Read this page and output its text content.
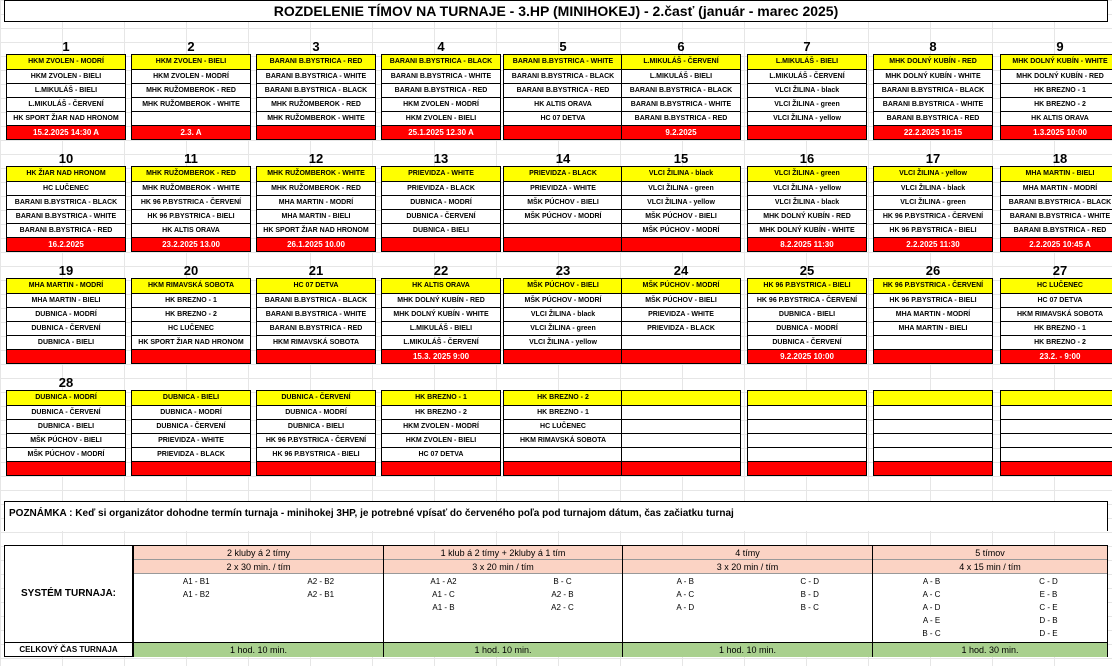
ROZDELENIE TÍMOV NA TURNAJE - 3.HP (MINIHOKEJ) - 2.časť (január - marec 2025)
1
HKM ZVOLEN - MODRÍ
HKM ZVOLEN - BIELI
L.MIKULÁŠ - BIELI
L.MIKULÁŠ - ČERVENÍ
HK SPORT ŽIAR NAD HRONOM
15.2.2025 14:30 A
2
HKM ZVOLEN - BIELI
HKM ZVOLEN - MODRÍ
MHK RUŽOMBEROK - RED
MHK RUŽOMBEROK - WHITE
2.3. A
3
BARANI B.BYSTRICA - RED
BARANI B.BYSTRICA - WHITE
BARANI B.BYSTRICA - BLACK
MHK RUŽOMBEROK - RED
MHK RUŽOMBEROK - WHITE
4
BARANI B.BYSTRICA - BLACK
BARANI B.BYSTRICA - WHITE
BARANI B.BYSTRICA - RED
HKM ZVOLEN - MODRÍ
HKM ZVOLEN - BIELI
25.1.2025 12.30 A
5
BARANI B.BYSTRICA - WHITE
BARANI B.BYSTRICA - BLACK
BARANI B.BYSTRICA - RED
HK ALTIS ORAVA
HC 07 DETVA
6
L.MIKULÁŠ - ČERVENÍ
L.MIKULÁŠ - BIELI
BARANI B.BYSTRICA - BLACK
BARANI B.BYSTRICA - WHITE
BARANI B.BYSTRICA - RED
9.2.2025
7
L.MIKULÁŠ - BIELI
L.MIKULÁŠ - ČERVENÍ
VLCI ŽILINA - black
VLCI ŽILINA - green
VLCI ŽILINA - yellow
8
MHK DOLNÝ KUBÍN - RED
MHK DOLNÝ KUBÍN - WHITE
BARANI B.BYSTRICA - BLACK
BARANI B.BYSTRICA - WHITE
BARANI B.BYSTRICA - RED
22.2.2025 10:15
9
MHK DOLNÝ KUBÍN - WHITE
MHK DOLNÝ KUBÍN - RED
HK BREZNO - 1
HK BREZNO - 2
HK ALTIS ORAVA
1.3.2025 10:00
10
HK ŽIAR NAD HRONOM
HC LUČENEC
BARANI B.BYSTRICA - BLACK
BARANI B.BYSTRICA - WHITE
BARANI B.BYSTRICA - RED
16.2.2025
11
MHK RUŽOMBEROK - RED
MHK RUŽOMBEROK - WHITE
HK 96 P.BYSTRICA - ČERVENÍ
HK 96 P.BYSTRICA - BIELI
HK ALTIS ORAVA
23.2.2025 13.00
12
MHK RUŽOMBEROK - WHITE
MHK RUŽOMBEROK - RED
MHA MARTIN - MODRÍ
MHA MARTIN - BIELI
HK SPORT ŽIAR NAD HRONOM
26.1.2025 10.00
13
PRIEVIDZA - WHITE
PRIEVIDZA - BLACK
DUBNICA - MODRÍ
DUBNICA - ČERVENÍ
DUBNICA - BIELI
14
PRIEVIDZA - BLACK
PRIEVIDZA - WHITE
MŠK PÚCHOV - BIELI
MŠK PÚCHOV - MODRÍ
15
VLCI ŽILINA - black
VLCI ŽILINA - green
VLCI ŽILINA - yellow
MŠK PÚCHOV - BIELI
MŠK PÚCHOV - MODRÍ
16
VLCI ŽILINA - green
VLCI ŽILINA - yellow
VLCI ŽILINA - black
MHK DOLNÝ KUBÍN - RED
MHK DOLNÝ KUBÍN - WHITE
8.2.2025 11:30
17
VLCI ŽILINA - yellow
VLCI ŽILINA - black
VLCI ŽILINA - green
HK 96 P.BYSTRICA - ČERVENÍ
HK 96 P.BYSTRICA - BIELI
2.2.2025 11:30
18
MHA MARTIN - BIELI
MHA MARTIN - MODRÍ
BARANI B.BYSTRICA - BLACK
BARANI B.BYSTRICA - WHITE
BARANI B.BYSTRICA - RED
2.2.2025 10:45 A
19
MHA MARTIN - MODRÍ
MHA MARTIN - BIELI
DUBNICA - MODRÍ
DUBNICA - ČERVENÍ
DUBNICA - BIELI
20
HKM RIMAVSKÁ SOBOTA
HK BREZNO - 1
HK BREZNO - 2
HC LUČENEC
HK SPORT ŽIAR NAD HRONOM
21
HC 07 DETVA
BARANI B.BYSTRICA - BLACK
BARANI B.BYSTRICA - WHITE
BARANI B.BYSTRICA - RED
HKM RIMAVSKÁ SOBOTA
22
HK ALTIS ORAVA
MHK DOLNÝ KUBÍN - RED
MHK DOLNÝ KUBÍN - WHITE
L.MIKULÁŠ - BIELI
L.MIKULÁŠ - ČERVENÍ
15.3. 2025 9:00
23
MŠK PÚCHOV - BIELI
MŠK PÚCHOV - MODRÍ
VLCI ŽILINA - black
VLCI ŽILINA - green
VLCI ŽILINA - yellow
24
MŠK PÚCHOV - MODRÍ
MŠK PÚCHOV - BIELI
PRIEVIDZA - WHITE
PRIEVIDZA - BLACK
25
HK 96 P.BYSTRICA - BIELI
HK 96 P.BYSTRICA - ČERVENÍ
DUBNICA - BIELI
DUBNICA - MODRÍ
DUBNICA - ČERVENÍ
9.2.2025 10:00
26
HK 96 P.BYSTRICA - ČERVENÍ
HK 96 P.BYSTRICA - BIELI
MHA MARTIN - MODRÍ
MHA MARTIN - BIELI
27
HC LUČENEC
HC 07 DETVA
HKM RIMAVSKÁ SOBOTA
HK BREZNO - 1
HK BREZNO - 2
23.2. - 9:00
28
DUBNICA - MODRÍ
DUBNICA - ČERVENÍ
DUBNICA - BIELI
MŠK PÚCHOV - BIELI
MŠK PÚCHOV - MODRÍ
DUBNICA - BIELI
DUBNICA - MODRÍ
DUBNICA - ČERVENÍ
PRIEVIDZA - WHITE
PRIEVIDZA - BLACK
DUBNICA - ČERVENÍ
DUBNICA - MODRÍ
DUBNICA - BIELI
HK 96 P.BYSTRICA - ČERVENÍ
HK 96 P.BYSTRICA - BIELI
HK BREZNO - 1
HK BREZNO - 2
HKM ZVOLEN - MODRÍ
HKM ZVOLEN - BIELI
HC 07 DETVA
HK BREZNO - 2
HK BREZNO - 1
HC LUČENEC
HKM RIMAVSKÁ SOBOTA
POZNÁMKA : Keď si organizátor dohodne termín turnaja - minihokej 3HP, je potrebné vpísať do červeného poľa pod turnajom dátum, čas začiatku turnaj
SYSTÉM TURNAJA:
CELKOVÝ ČAS TURNAJA
2 kluby á 2 tímy
2 x 30 min. / tím
A1 - B1	A2 - B2
A1 - B2	A2 - B1
1 hod. 10 min.
1 klub á 2 tímy + 2kluby á 1 tím
3 x 20 min / tím
A1 - A2	B - C
A1 - C	A2 - B
A1 - B	A2 - C
1 hod. 10 min.
4 tímy
3 x 20 min / tím
A - B	C - D
A - C	B - D
A - D	B - C
1 hod. 10 min.
5 tímov
4 x 15 min / tím
A - B	C - D
A - C	E - B
A - D	C - E
A - E	D - B
B - C	D - E
1 hod. 30 min.
